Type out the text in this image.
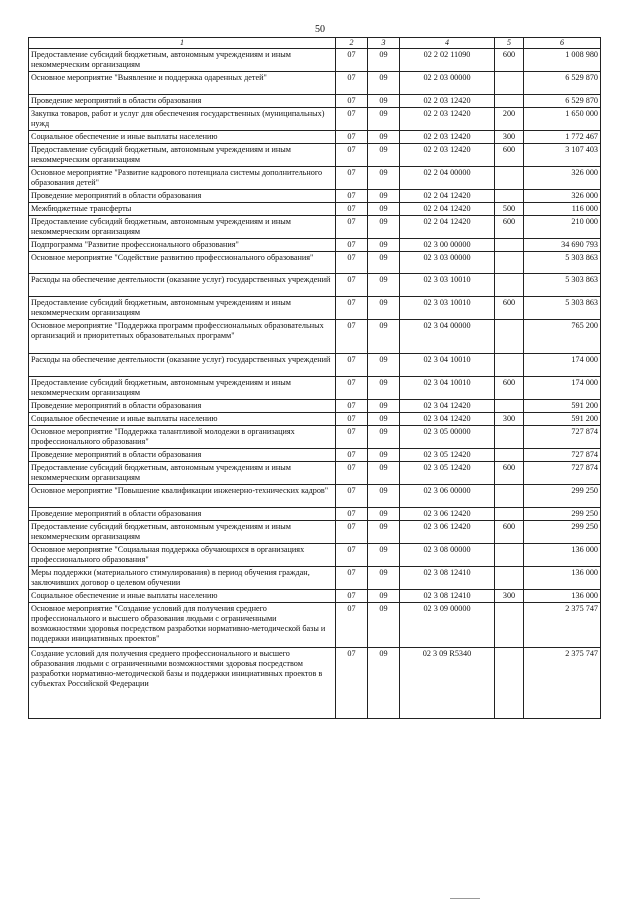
50
1	2	3	4	5	6
Предоставление субсидий бюджетным, автономным учреждениям и иным некоммерческим организациям	07	09	02 2 02 11090	600	1 008 980
Основное мероприятие "Выявление и поддержка одаренных детей"	07	09	02 2 03 00000		6 529 870
Проведение мероприятий в области образования	07	09	02 2 03 12420		6 529 870
Закупка товаров, работ и услуг для обеспечения государственных (муниципальных) нужд	07	09	02 2 03 12420	200	1 650 000
Социальное обеспечение и иные выплаты населению	07	09	02 2 03 12420	300	1 772 467
Предоставление субсидий бюджетным, автономным учреждениям и иным некоммерческим организациям	07	09	02 2 03 12420	600	3 107 403
Основное мероприятие "Развитие кадрового потенциала системы дополнительного образования детей"	07	09	02 2 04 00000		326 000
Проведение мероприятий в области образования	07	09	02 2 04 12420		326 000
Межбюджетные трансферты	07	09	02 2 04 12420	500	116 000
Предоставление субсидий бюджетным, автономным учреждениям и иным некоммерческим организациям	07	09	02 2 04 12420	600	210 000
Подпрограмма "Развитие профессионального образования"	07	09	02 3 00 00000		34 690 793
Основное мероприятие "Содействие развитию профессионального образования"	07	09	02 3 03 00000		5 303 863
Расходы на обеспечение деятельности (оказание услуг) государственных учреждений	07	09	02 3 03 10010		5 303 863
Предоставление субсидий бюджетным, автономным учреждениям и иным некоммерческим организациям	07	09	02 3 03 10010	600	5 303 863
Основное мероприятие "Поддержка программ профессиональных образовательных организаций и приоритетных образовательных программ"	07	09	02 3 04 00000		765 200
Расходы на обеспечение деятельности (оказание услуг) государственных учреждений	07	09	02 3 04 10010		174 000
Предоставление субсидий бюджетным, автономным учреждениям и иным некоммерческим организациям	07	09	02 3 04 10010	600	174 000
Проведение мероприятий в области образования	07	09	02 3 04 12420		591 200
Социальное обеспечение и иные выплаты населению	07	09	02 3 04 12420	300	591 200
Основное мероприятие "Поддержка талантливой молодежи в организациях профессионального образования"	07	09	02 3 05 00000		727 874
Проведение мероприятий в области образования	07	09	02 3 05 12420		727 874
Предоставление субсидий бюджетным, автономным учреждениям и иным некоммерческим организациям	07	09	02 3 05 12420	600	727 874
Основное мероприятие "Повышение квалификации инженерно-технических кадров"	07	09	02 3 06 00000		299 250
Проведение мероприятий в области образования	07	09	02 3 06 12420		299 250
Предоставление субсидий бюджетным, автономным учреждениям и иным некоммерческим организациям	07	09	02 3 06 12420	600	299 250
Основное мероприятие "Социальная поддержка обучающихся в организациях профессионального образования"	07	09	02 3 08 00000		136 000
Меры поддержки (материального стимулирования) в период обучения граждан, заключивших договор о целевом обучении	07	09	02 3 08 12410		136 000
Социальное обеспечение и иные выплаты населению	07	09	02 3 08 12410	300	136 000
Основное мероприятие "Создание условий для получения среднего профессионального и высшего образования людьми с ограниченными возможностями здоровья посредством разработки нормативно-методической базы и поддержки инициативных проектов"	07	09	02 3 09 00000		2 375 747
Создание условий для получения среднего профессионального и высшего образования людьми с ограниченными возможностями здоровья посредством разработки нормативно-методической базы и поддержки инициативных проектов в субъектах Российской Федерации	07	09	02 3 09 R5340		2 375 747
